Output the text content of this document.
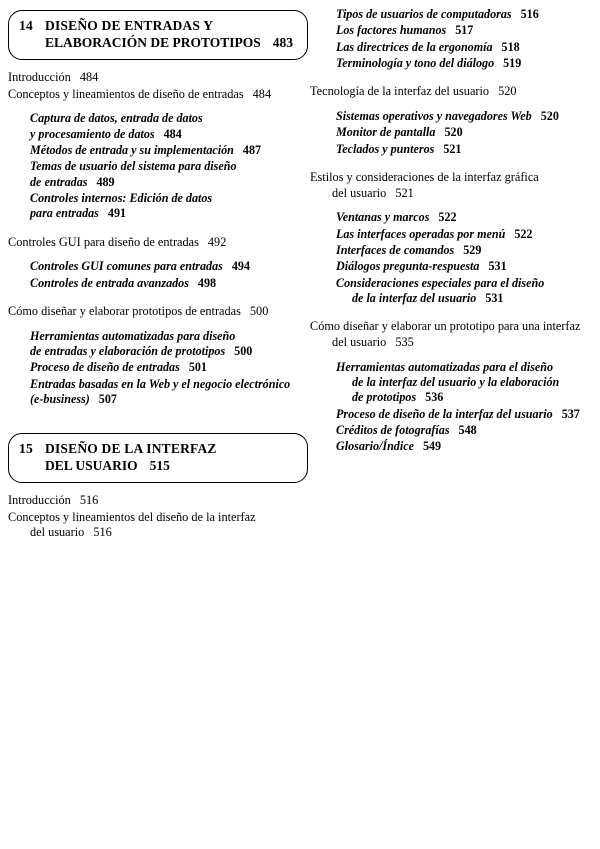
14 DISEÑO DE ENTRADAS Y
ELABORACIÓN DE PROTOTIPOS 483
Introducción 484
Conceptos y lineamientos de diseño de entradas 484
Captura de datos, entrada de datos
y procesamiento de datos 484
Métodos de entrada y su implementación 487
Temas de usuario del sistema para diseño
de entradas 489
Controles internos: Edición de datos
para entradas 491
Controles GUI para diseño de entradas 492
Controles GUI comunes para entradas 494
Controles de entrada avanzados 498
Cómo diseñar y elaborar prototipos de entradas 500
Herramientas automatizadas para diseño
de entradas y elaboración de prototipos 500
Proceso de diseño de entradas 501
Entradas basadas en la Web y el negocio electrónico
(e-business) 507
15 DISEÑO DE LA INTERFAZ
DEL USUARIO 515
Introducción 516
Conceptos y lineamientos del diseño de la interfaz

del usuario 516
Tipos de usuarios de computadoras 516
Los factores humanos 517
Las directrices de la ergonomía 518
Terminología y tono del diálogo 519
Tecnología de la interfaz del usuario 520
Sistemas operativos y navegadores Web 520
Monitor de pantalla 520
Teclados y punteros 521
Estilos y consideraciones de la interfaz gráfica

del usuario 521
Ventanas y marcos 522
Las interfaces operadas por menú 522
Interfaces de comandos 529
Diálogos pregunta-respuesta 531
Consideraciones especiales para el diseño
de la interfaz del usuario 531
Cómo diseñar y elaborar un prototipo para una interfaz

del usuario 535
Herramientas automatizadas para el diseño
de la interfaz del usuario y la elaboración
de prototipos 536
Proceso de diseño de la interfaz del usuario 537
Créditos de fotografías 548
Glosario/Índice 549
